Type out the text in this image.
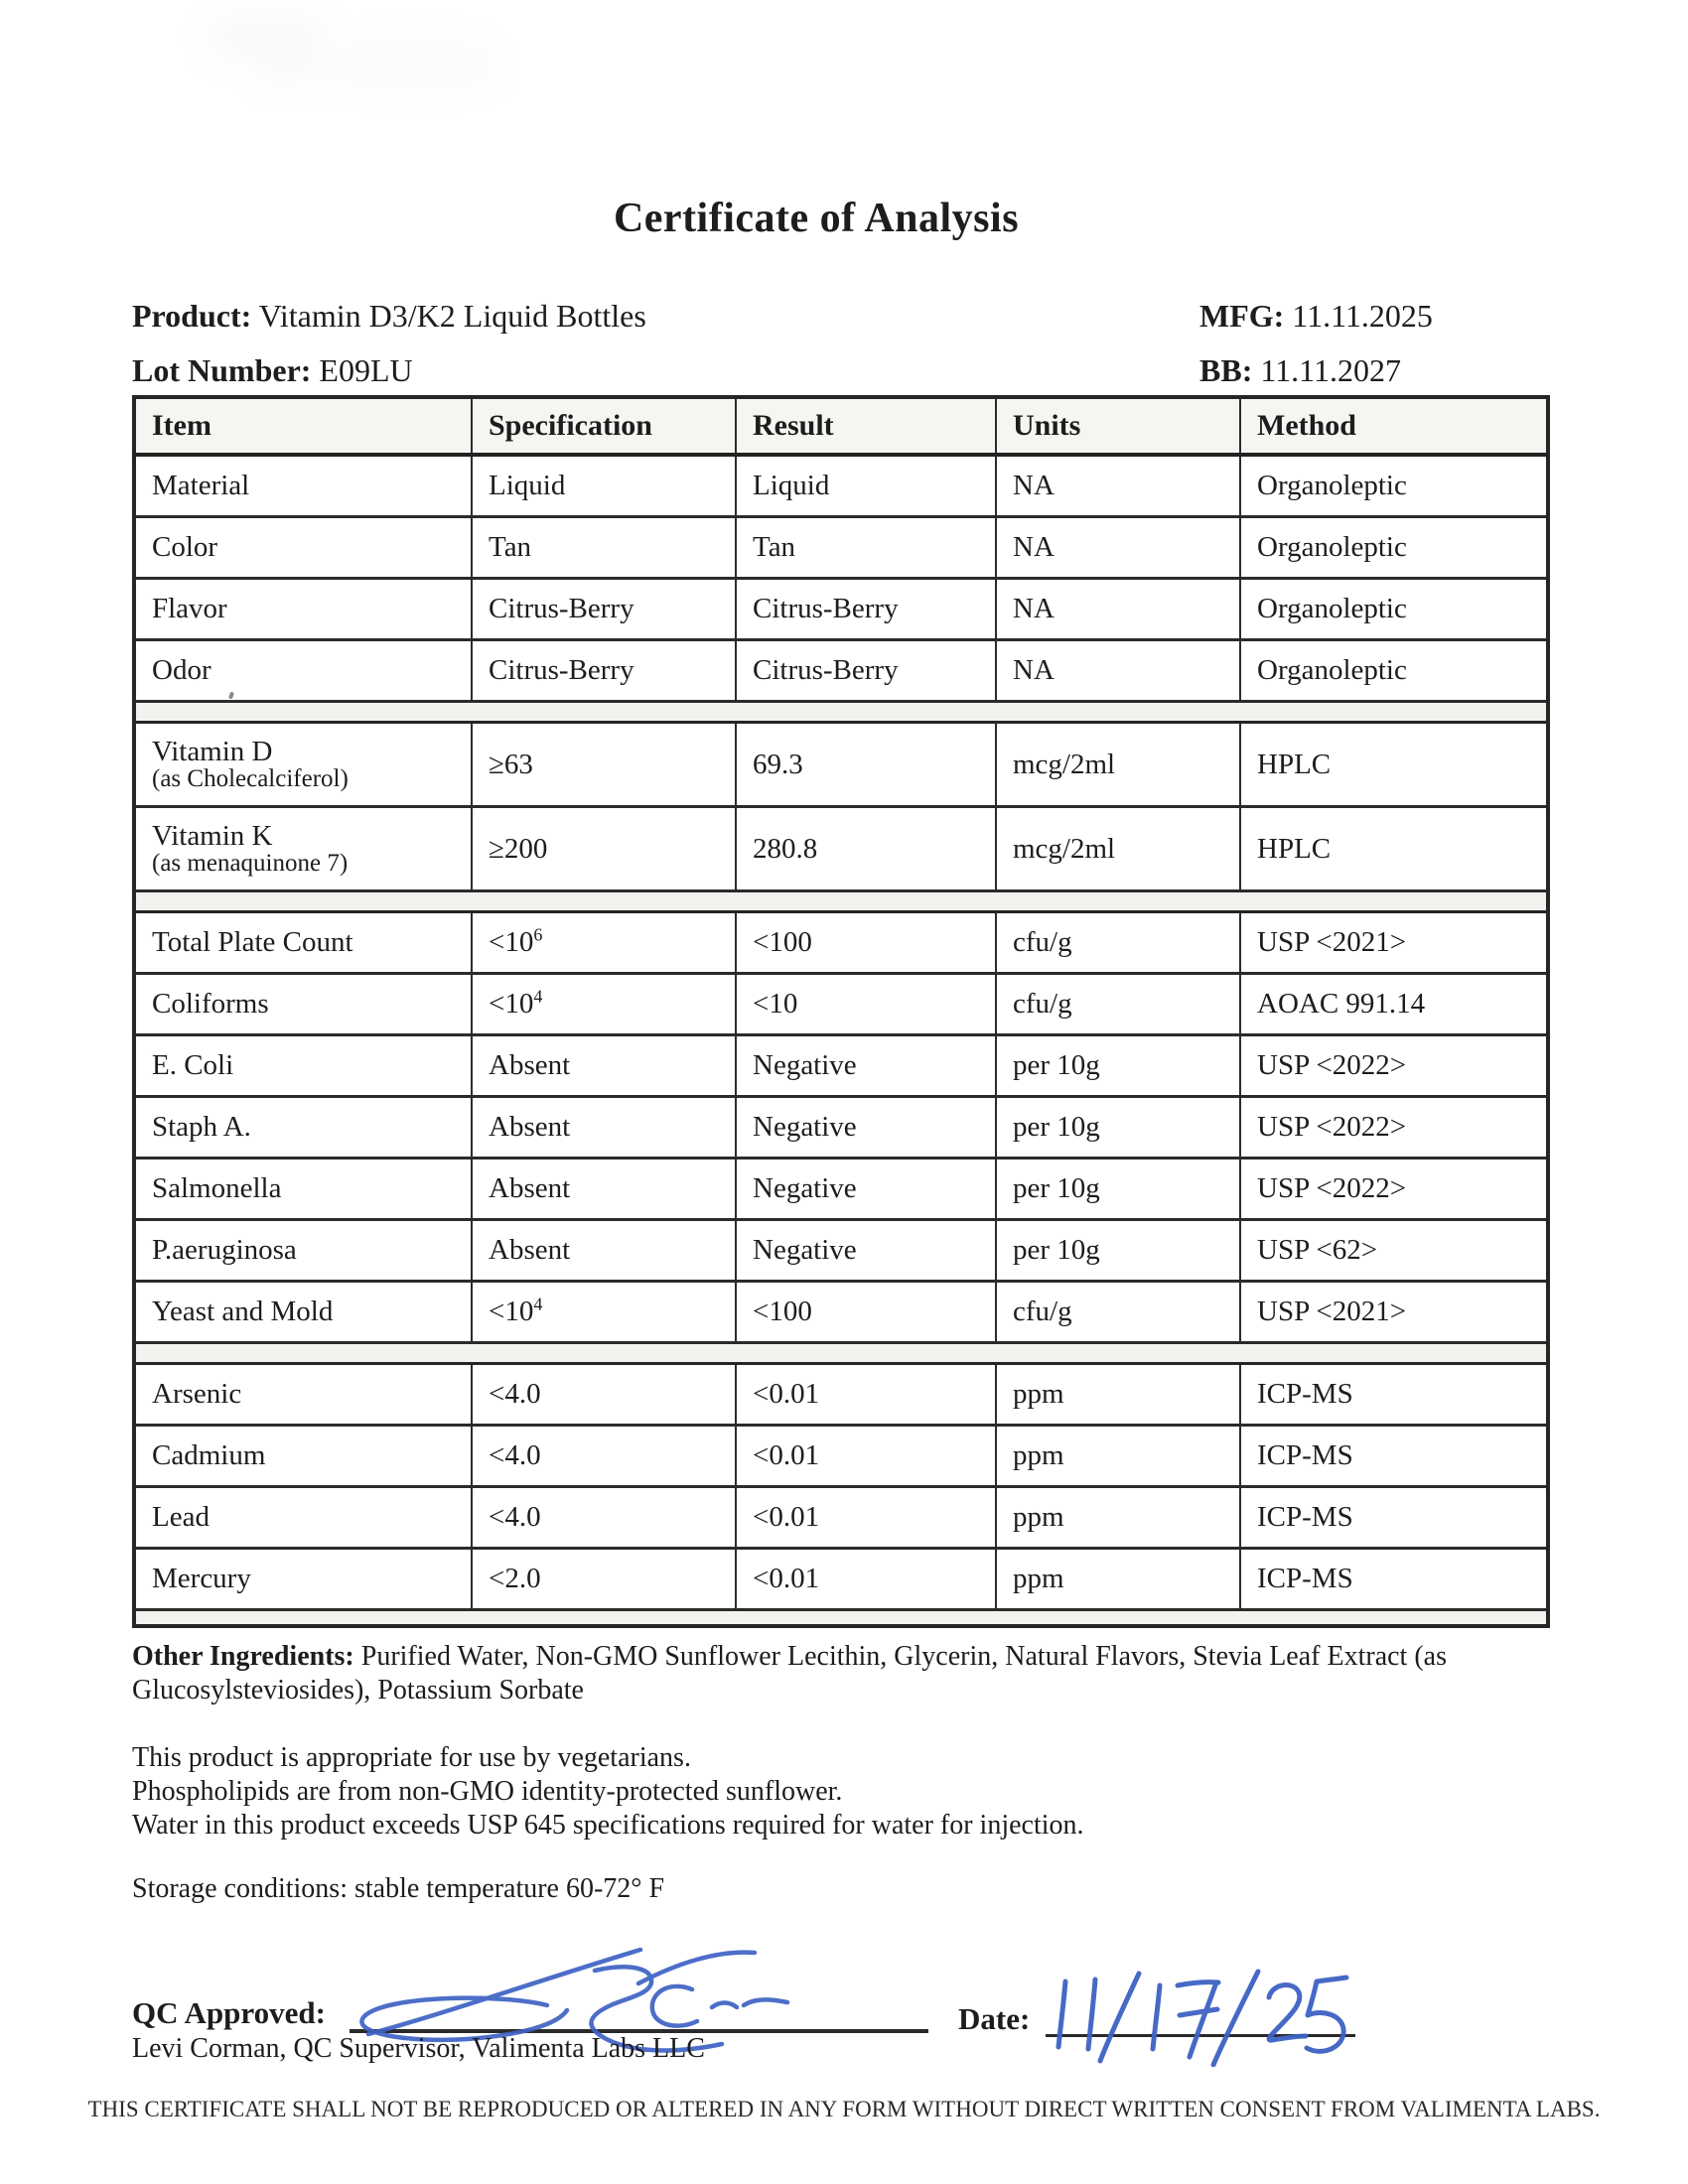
Certificate of Analysis
Product: Vitamin D3/K2 Liquid Bottles
Lot Number: E09LU
MFG: 11.11.2025
BB: 11.11.2027
Item	Specification	Result	Units	Method
Material	Liquid	Liquid	NA	Organoleptic
Color	Tan	Tan	NA	Organoleptic
Flavor	Citrus-Berry	Citrus-Berry	NA	Organoleptic
Odor	Citrus-Berry	Citrus-Berry	NA	Organoleptic

Vitamin D
(as Cholecalciferol)	≥63	69.3	mcg/2ml	HPLC
Vitamin K
(as menaquinone 7)	≥200	280.8	mcg/2ml	HPLC

Total Plate Count	$<10^6$	<100	cfu/g	USP <2021>
Coliforms	$<10^4$	<10	cfu/g	AOAC 991.14
E. Coli	Absent	Negative	per 10g	USP <2022>
Staph A.	Absent	Negative	per 10g	USP <2022>
Salmonella	Absent	Negative	per 10g	USP <2022>
P.aeruginosa	Absent	Negative	per 10g	USP <62>
Yeast and Mold	$<10^4$	<100	cfu/g	USP <2021>

Arsenic	<4.0	<0.01	ppm	ICP-MS
Cadmium	<4.0	<0.01	ppm	ICP-MS
Lead	<4.0	<0.01	ppm	ICP-MS
Mercury	<2.0	<0.01	ppm	ICP-MS

Other Ingredients: Purified Water, Non-GMO Sunflower Lecithin, Glycerin, Natural Flavors, Stevia Leaf Extract (as Glucosylsteviosides), Potassium Sorbate
This product is appropriate for use by vegetarians.
Phospholipids are from non-GMO identity-protected sunflower.
Water in this product exceeds USP 645 specifications required for water for injection.
Storage conditions: stable temperature 60-72° F
QC Approved:	Date:
Levi Corman, QC Supervisor, Valimenta Labs LLC
THIS CERTIFICATE SHALL NOT BE REPRODUCED OR ALTERED IN ANY FORM WITHOUT DIRECT WRITTEN CONSENT FROM VALIMENTA LABS.
